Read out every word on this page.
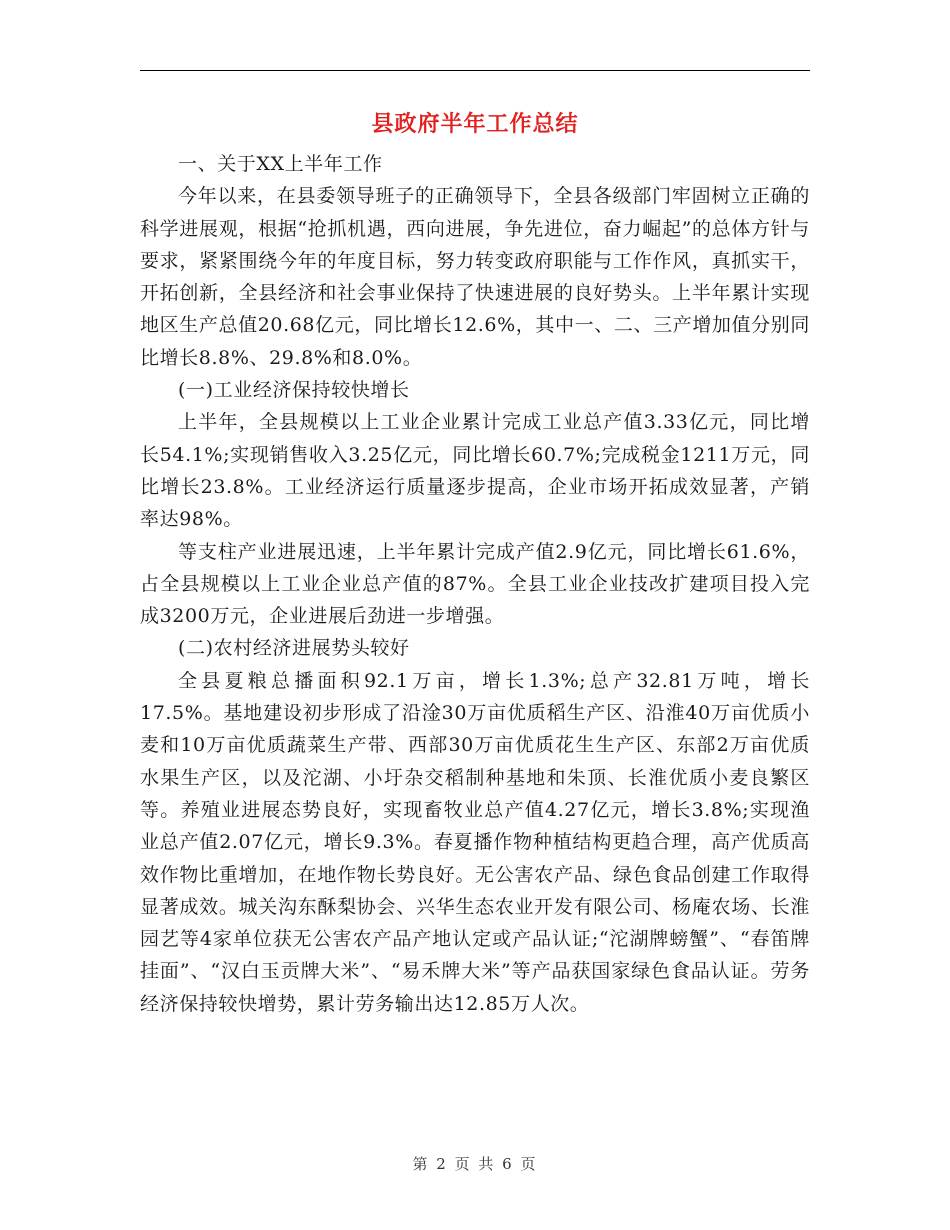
县政府半年工作总结

一、关于XX上半年工作

今年以来，在县委领导班子的正确领导下，全县各级部门牢固树立正确的科学进展观，根据“抢抓机遇，西向进展，争先进位，奋力崛起”的总体方针与要求，紧紧围绕今年的年度目标，努力转变政府职能与工作作风，真抓实干，开拓创新，全县经济和社会事业保持了快速进展的良好势头。上半年累计实现地区生产总值20.68亿元，同比增长12.6%，其中一、二、三产增加值分别同比增长8.8%、29.8%和8.0%。

(一)工业经济保持较快增长

上半年，全县规模以上工业企业累计完成工业总产值3.33亿元，同比增长54.1%;实现销售收入3.25亿元，同比增长60.7%;完成税金1211万元，同比增长23.8%。工业经济运行质量逐步提高，企业市场开拓成效显著，产销率达98%。

等支柱产业进展迅速，上半年累计完成产值2.9亿元，同比增长61.6%，占全县规模以上工业企业总产值的87%。全县工业企业技改扩建项目投入完成3200万元，企业进展后劲进一步增强。

(二)农村经济进展势头较好

全县夏粮总播面积92.1万亩，增长1.3%;总产32.81万吨，增长17.5%。基地建设初步形成了沿淦30万亩优质稻生产区、沿淮40万亩优质小麦和10万亩优质蔬菜生产带、西部30万亩优质花生生产区、东部2万亩优质水果生产区，以及沱湖、小圩杂交稻制种基地和朱顶、长淮优质小麦良繁区等。养殖业进展态势良好，实现畜牧业总产值4.27亿元，增长3.8%;实现渔业总产值2.07亿元，增长9.3%。春夏播作物种植结构更趋合理，高产优质高效作物比重增加，在地作物长势良好。无公害农产品、绿色食品创建工作取得显著成效。城关沟东酥梨协会、兴华生态农业开发有限公司、杨庵农场、长淮园艺等4家单位获无公害农产品产地认定或产品认证;“沱湖牌螃蟹”、“春笛牌挂面”、“汉白玉贡牌大米”、“易禾牌大米”等产品获国家绿色食品认证。劳务经济保持较快增势，累计劳务输出达12.85万人次。

第 2 页 共 6 页
